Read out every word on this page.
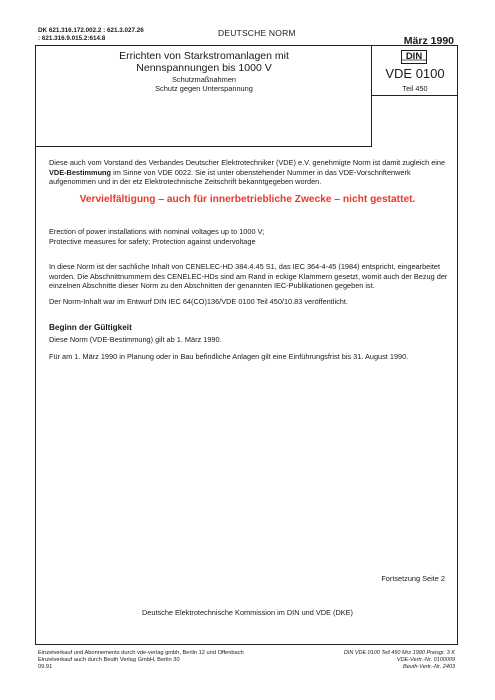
DK 621.316.172.002.2 : 621.3.027.26
: 621.316.9.015.2:614.8
DEUTSCHE NORM
März 1990
Errichten von Starkstromanlagen mit
Nennspannungen bis 1000 V
Schutzmaßnahmen
Schutz gegen Unterspannung
DIN
VDE 0100
Teil 450

Diese auch vom Vorstand des Verbandes Deutscher Elektrotechniker (VDE) e.V. genehmigte Norm ist damit zugleich eine VDE-Bestimmung im Sinne von VDE 0022. Sie ist unter obenstehender Nummer in das VDE-Vorschriftenwerk aufgenommen und in der etz Elektrotechnische Zeitschrift bekanntgegeben worden.

Vervielfältigung – auch für innerbetriebliche Zwecke – nicht gestattet.
Erection of power installations with nominal voltages up to 1000 V;
Protective measures for safety; Protection against undervoltage

In diese Norm ist der sachliche Inhalt von CENELEC-HD 384.4.45 S1, das IEC 364-4-45 (1984) entspricht, eingearbeitet worden. Die Abschnittnummern des CENELEC-HDs sind am Rand in eckige Klammern gesetzt, womit auch der Bezug der einzelnen Abschnitte dieser Norm zu den Abschnitten der genannten IEC-Publikationen gegeben ist.

Der Norm-Inhalt war im Entwurf DIN IEC 64(CO)136/VDE 0100 Teil 450/10.83 veröffentlicht.

Beginn der Gültigkeit

Diese Norm (VDE-Bestimmung) gilt ab 1. März 1990.

Für am 1. März 1990 in Planung oder in Bau befindliche Anlagen gilt eine Einführungsfrist bis 31. August 1990.

Fortsetzung Seite 2
Deutsche Elektrotechnische Kommission im DIN und VDE (DKE)
Einzelverkauf und Abonnements durch vde-verlag gmbh, Berlin 12 und Offenbach
Einzelverkauf auch durch Beuth Verlag GmbH, Berlin 30
09.91
DIN VDE 0100 Teil 450 Mrz 1990 Preisgr. 3 K
VDE-Vertr.-Nr. 0100009
Beuth-Vertr.-Nr. 2403
